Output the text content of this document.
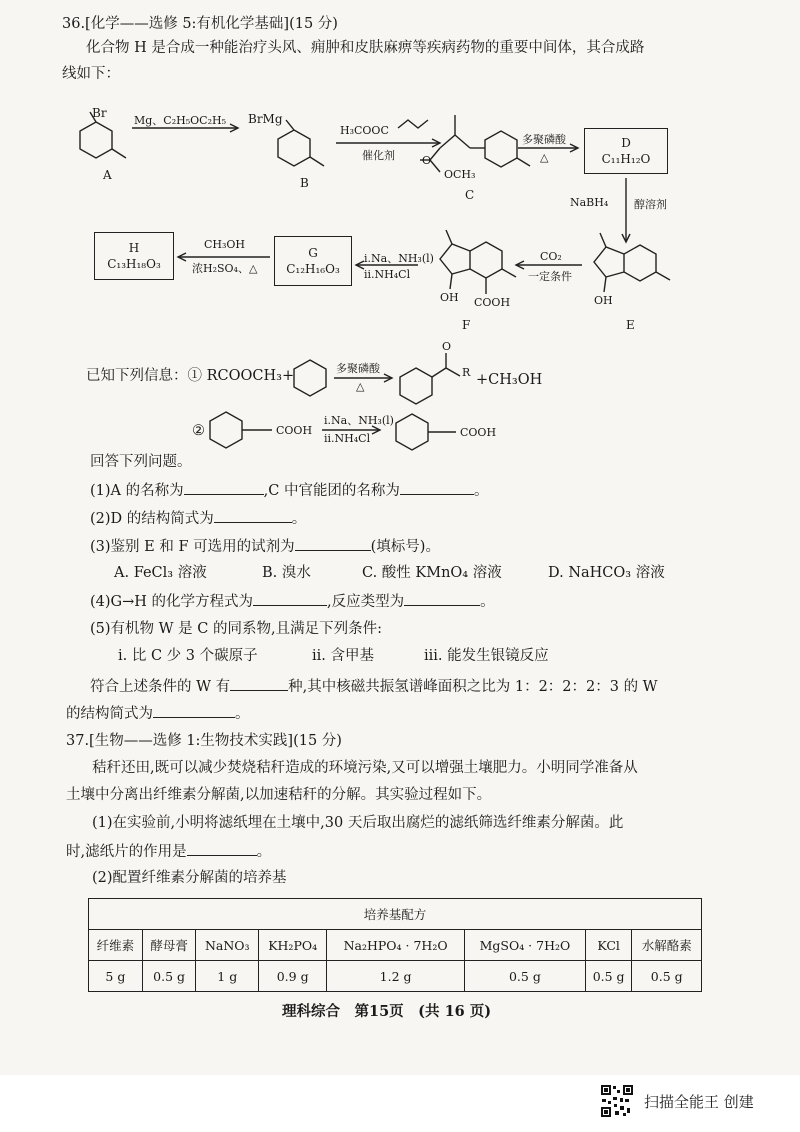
36.[化学——选修 5:有机化学基础](15 分)
化合物 H 是合成一种能治疗头风、痈肿和皮肤麻痹等疾病药物的重要中间体，其合成路
线如下：
Br
A
Mg、C₂H₅OC₂H₅ BrMg
B
H₃COOC
催化剂 O
OCH₃
C
多聚磷酸
△
D
C₁₁H₁₂O
NaBH₄ 醇溶剂
OH
E
CO₂
一定条件
OH COOH
F
i.Na、NH₃(l)
ii.NH₄Cl
G
C₁₂H₁₆O₃
CH₃OH
浓H₂SO₄、△
H
C₁₃H₁₈O₃
已知下列信息：① RCOOCH₃+	多聚磷酸
△
O
R +CH₃OH
②	COOH
i.Na、NH₃(l)
ii.NH₄Cl	COOH
回答下列问题。
(1)A 的名称为	,C 中官能团的名称为	。
(2)D 的结构简式为	。
(3)鉴别 E 和 F 可选用的试剂为	(填标号)。
A. FeCl₃ 溶液	B. 溴水	C. 酸性 KMnO₄ 溶液	D. NaHCO₃ 溶液
(4)G→H 的化学方程式为	,反应类型为	。
(5)有机物 W 是 C 的同系物,且满足下列条件:
i. 比 C 少 3 个碳原子	ii. 含甲基	iii. 能发生银镜反应
符合上述条件的 W 有	种,其中核磁共振氢谱峰面积之比为 1：2：2：2：3 的 W
的结构简式为	。
37.[生物——选修 1:生物技术实践](15 分)
秸秆还田,既可以减少焚烧秸秆造成的环境污染,又可以增强土壤肥力。小明同学准备从
土壤中分离出纤维素分解菌,以加速秸秆的分解。其实验过程如下。
(1)在实验前,小明将滤纸埋在土壤中,30 天后取出腐烂的滤纸筛选纤维素分解菌。此
时,滤纸片的作用是	。
(2)配置纤维素分解菌的培养基
培养基配方							
纤维素	酵母膏	NaNO₃	KH₂PO₄	Na₂HPO₄ · 7H₂O	MgSO₄ · 7H₂O	KCl	水解酪素
5 g	0.5 g	1 g	0.9 g	1.2 g	0.5 g	0.5 g	0.5 g
理科综合　第15页　(共 16 页)
扫描全能王 创建
